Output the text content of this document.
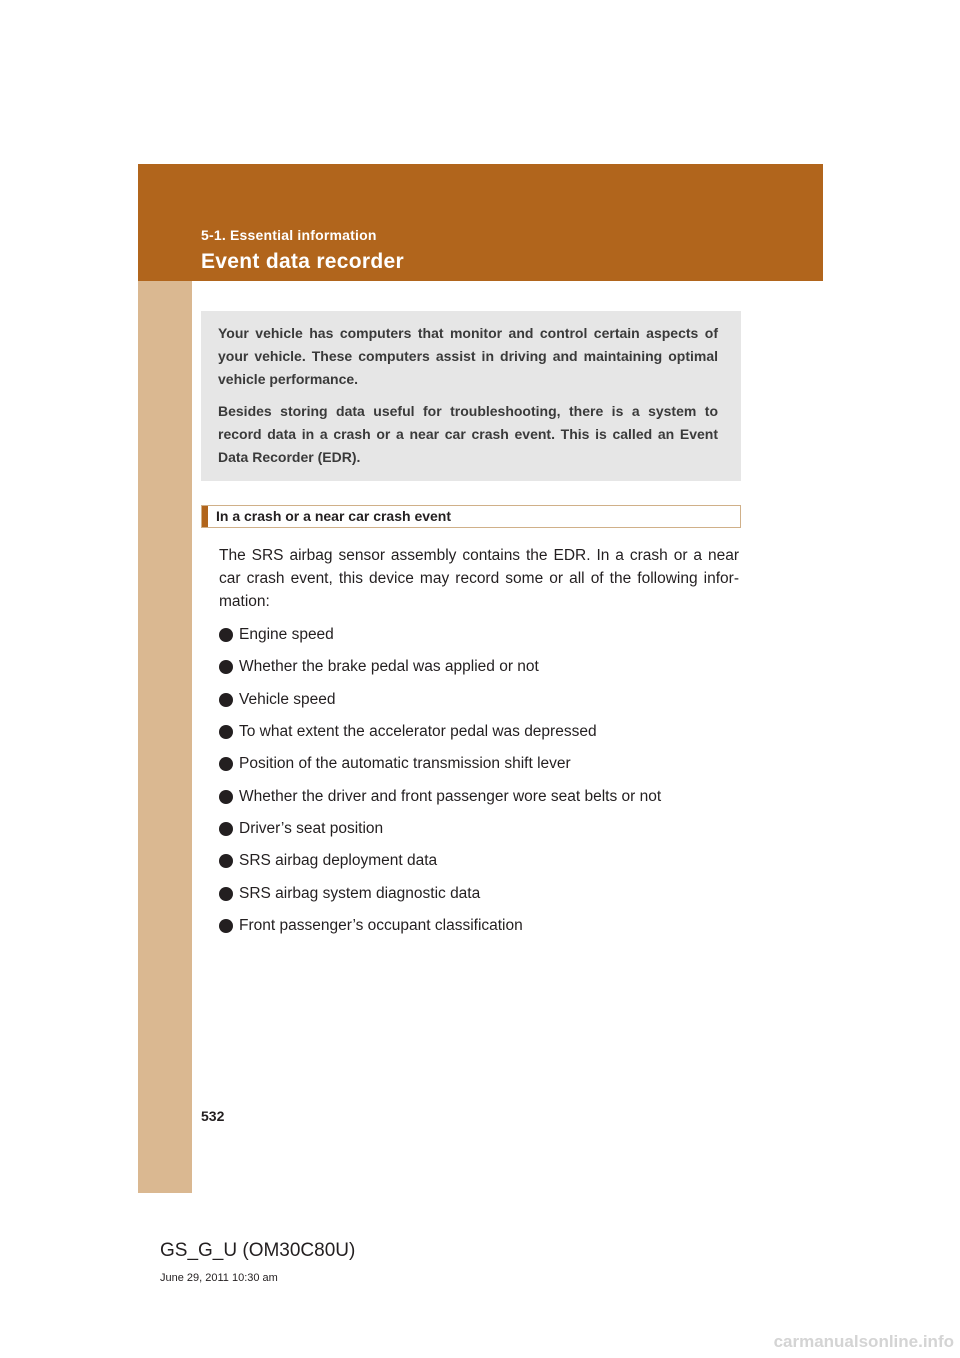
5-1. Essential information
Event data recorder

Your vehicle has computers that monitor and control certain aspects of your vehicle. These computers assist in driving and maintaining optimal vehicle performance.

Besides storing data useful for troubleshooting, there is a system to record data in a crash or a near car crash event. This is called an Event Data Recorder (EDR).

In a crash or a near car crash event

The SRS airbag sensor assembly contains the EDR. In a crash or a near car crash event, this device may record some or all of the following infor-mation:

Engine speed
Whether the brake pedal was applied or not
Vehicle speed
To what extent the accelerator pedal was depressed
Position of the automatic transmission shift lever
Whether the driver and front passenger wore seat belts or not
Driver’s seat position
SRS airbag deployment data
SRS airbag system diagnostic data
Front passenger’s occupant classification
532
GS_G_U (OM30C80U)
June 29, 2011 10:30 am
carmanualsonline.info
